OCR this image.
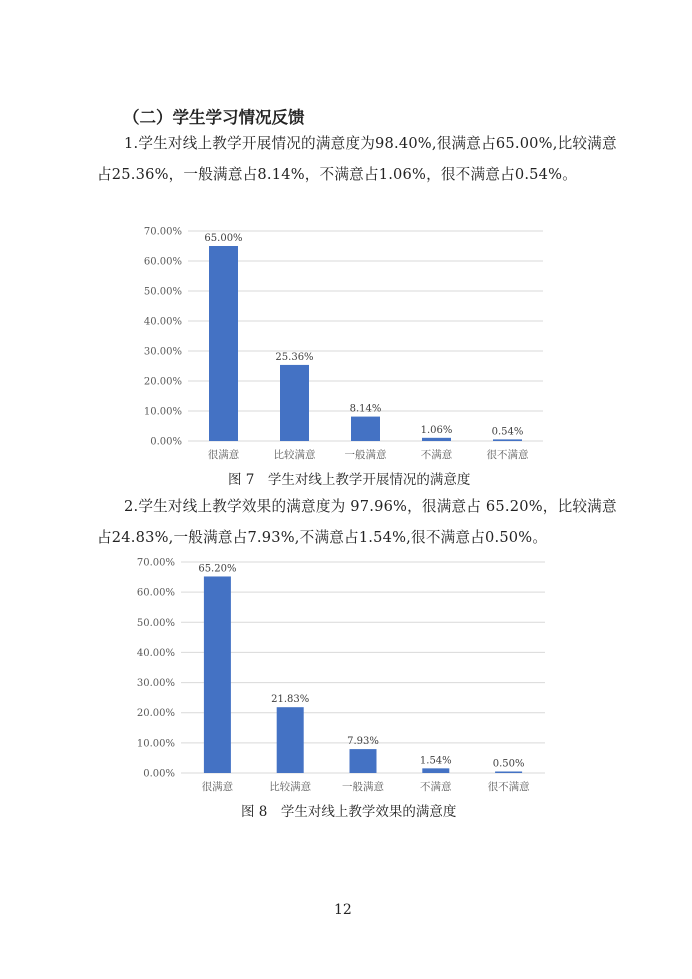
（二）学生学习情况反馈
1.学生对线上教学开展情况的满意度为98.40%,很满意占65.00%,比较满意占25.36%，一般满意占8.14%，不满意占1.06%，很不满意占0.54%。
0.00%
10.00%
20.00%
30.00%
40.00%
50.00%
60.00%
70.00%
65.00%
很满意
25.36%
比较满意
8.14%
一般满意
1.06%
不满意
0.54%
很不满意
图 7　学生对线上教学开展情况的满意度
2.学生对线上教学效果的满意度为 97.96%，很满意占 65.20%，比较满意占24.83%,一般满意占7.93%,不满意占1.54%,很不满意占0.50%。
0.00%
10.00%
20.00%
30.00%
40.00%
50.00%
60.00%
70.00%
65.20%
很满意
21.83%
比较满意
7.93%
一般满意
1.54%
不满意
0.50%
很不满意
图 8　学生对线上教学效果的满意度
12
